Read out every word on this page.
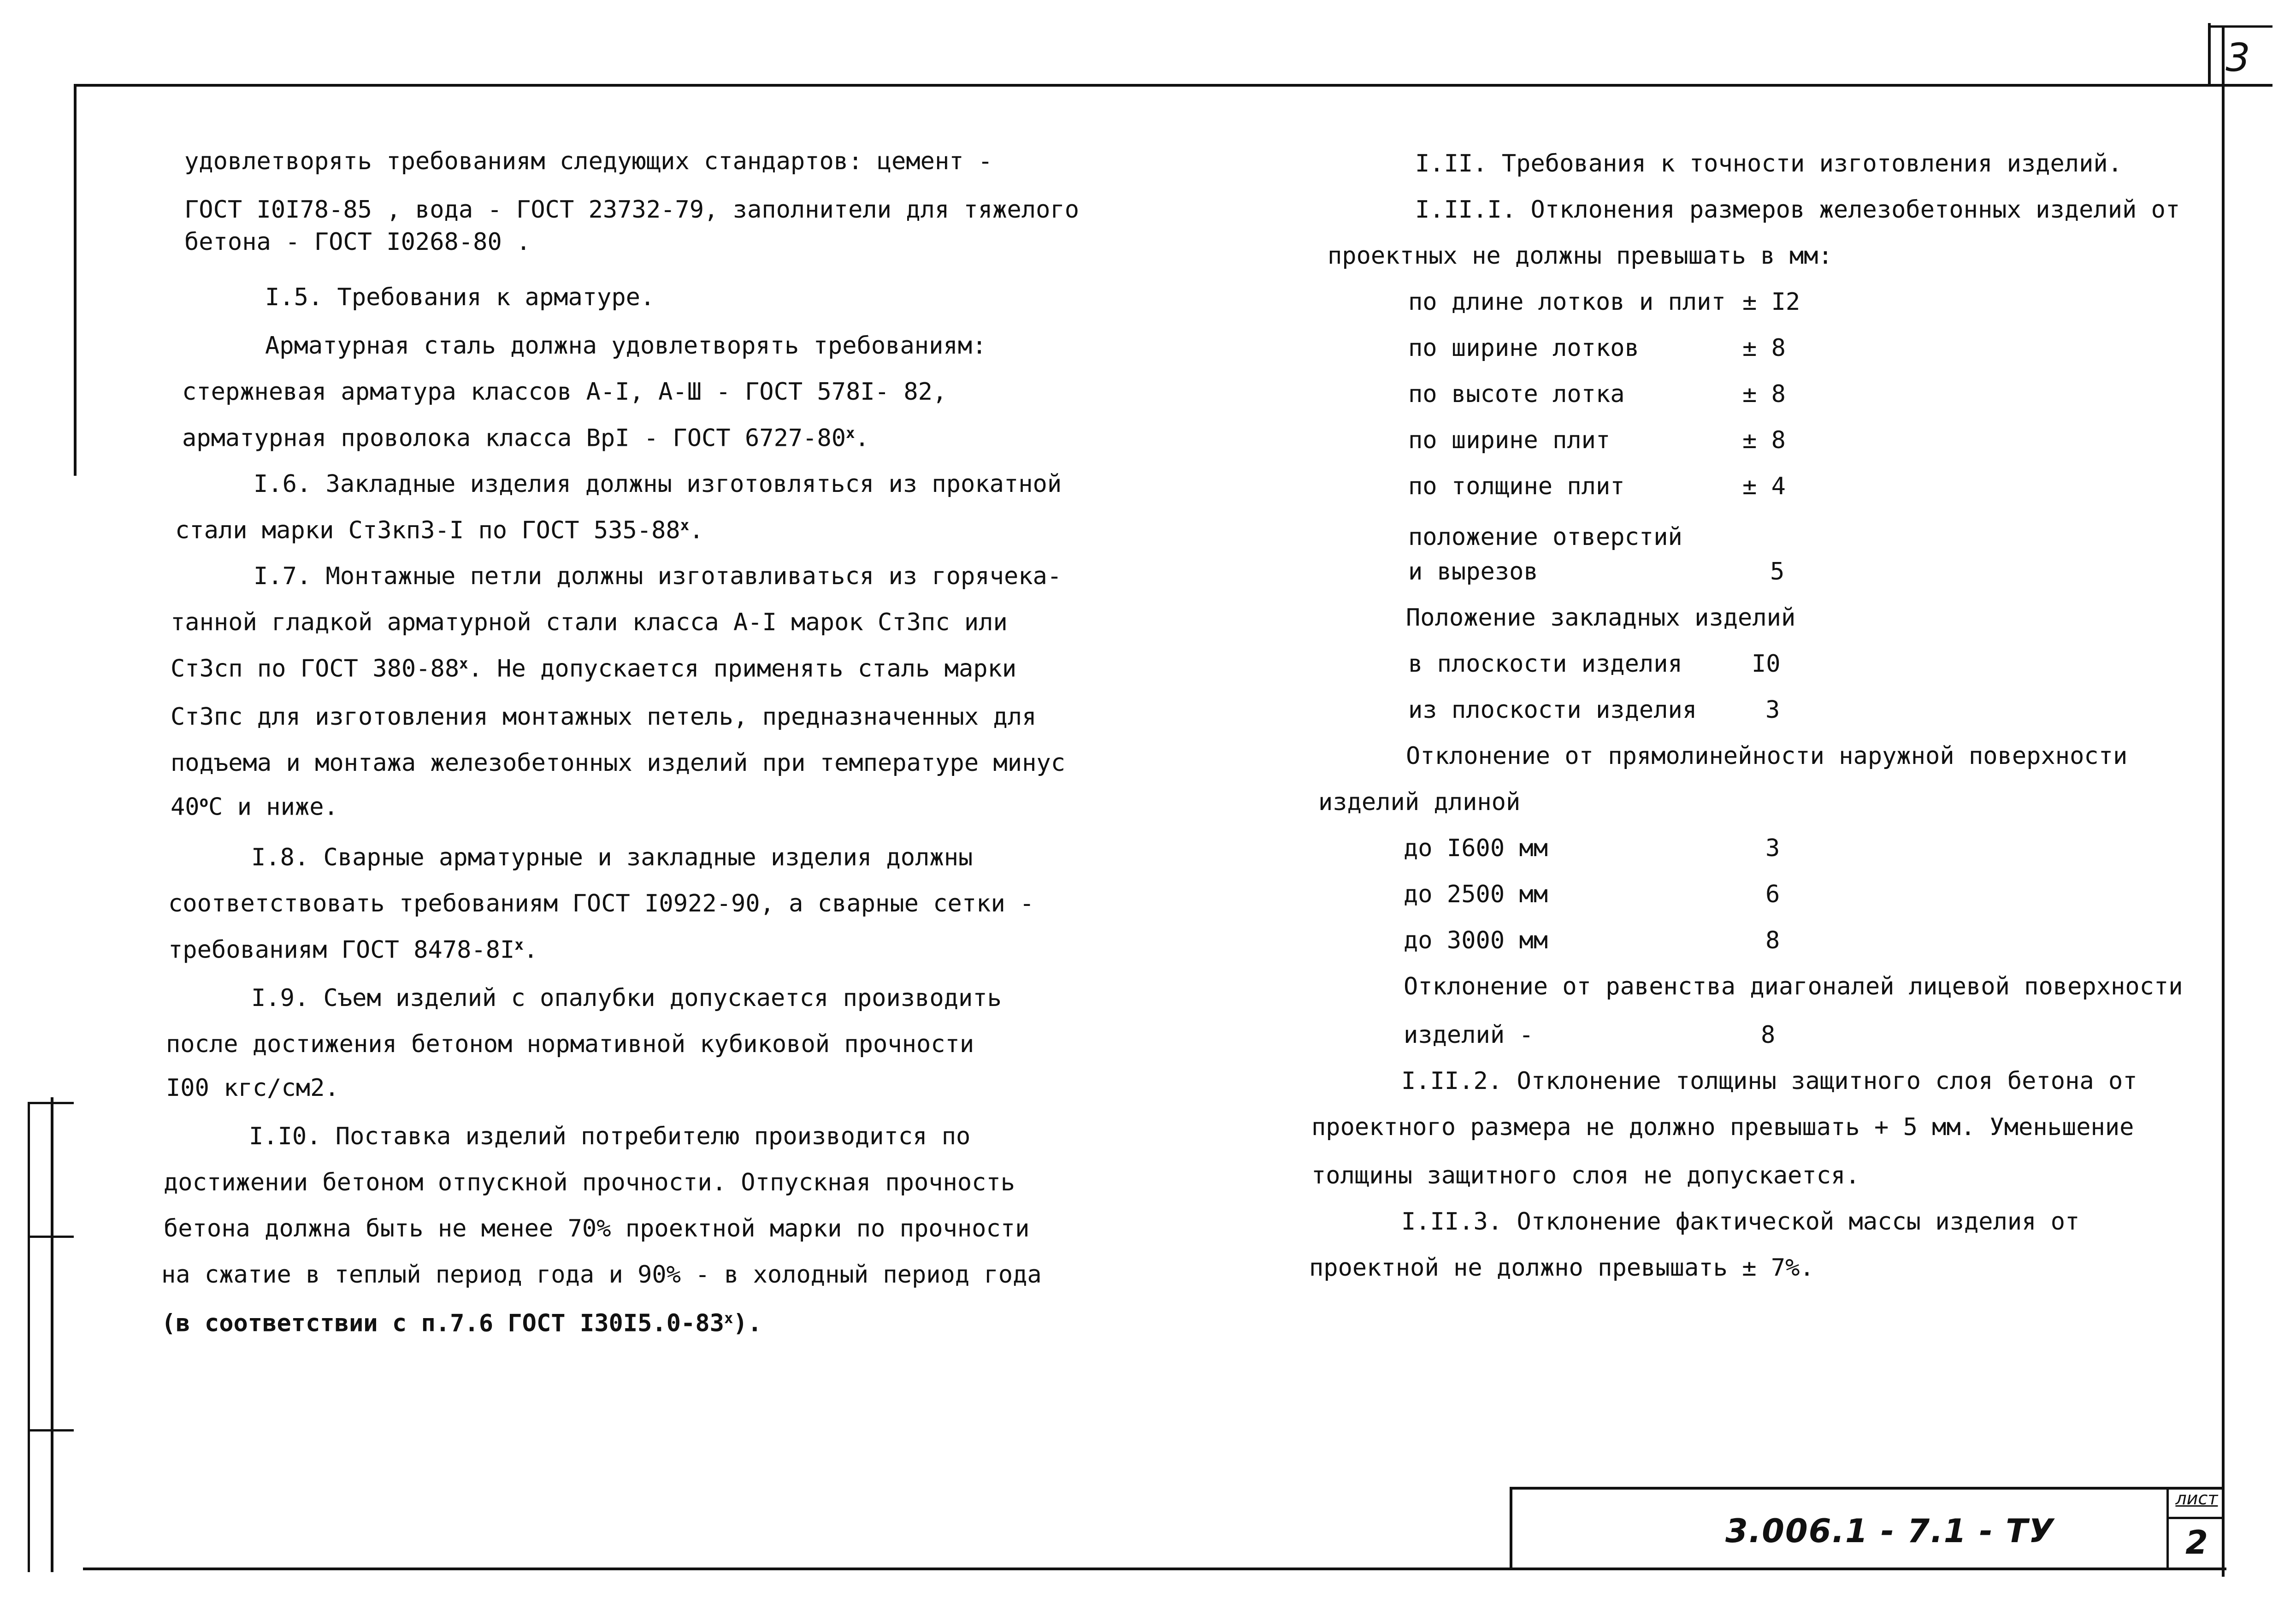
3
3.006.1 - 7.1 - ТУ
лист
2
удовлетворять требованиям следующих стандартов: цемент -
ГОСТ I0I78-85 , вода - ГОСТ 23732-79, заполнители для тяжелого
бетона - ГОСТ I0268-80 .
I.5. Требования к арматуре.
Арматурная сталь должна удовлетворять требованиям:
стержневая арматура классов А-I, А-Ш - ГОСТ 578I- 82,
арматурная проволока класса ВрI - ГОСТ $6727-80^х$.
I.6. Закладные изделия должны изготовляться из прокатной
стали марки Ст3кп3-I по ГОСТ $535-88^х$.
I.7. Монтажные петли должны изготавливаться из горячека-
танной гладкой арматурной стали класса А-I марок Ст3пс или
Ст3сп по ГОСТ $380-88^х$. Не допускается применять сталь марки
Ст3пс для изготовления монтажных петель, предназначенных для
подъема и монтажа железобетонных изделий при температуре минус
$40^оС$ и ниже.
I.8. Сварные арматурные и закладные изделия должны
соответствовать требованиям ГОСТ I0922-90, а сварные сетки -
требованиям ГОСТ $8478-8I^х$.
I.9. Съем изделий с опалубки допускается производить
после достижения бетоном нормативной кубиковой прочности
I00 кгс/см2.
I.I0. Поставка изделий потребителю производится по
достижении бетоном отпускной прочности. Отпускная прочность
бетона должна быть не менее 70% проектной марки по прочности
на сжатие в теплый период года и 90% - в холодный период года
(в соответствии с п.7.6 ГОСТ $I30I5.0-83^х$).
I.II. Требования к точности изготовления изделий.
I.II.I. Отклонения размеров железобетонных изделий от
проектных не должны превышать в мм:
по длине лотков и плит ± I2
по ширине лотков	± 8
по высоте лотка	± 8
по ширине плит	± 8
по толщине плит	± 4
положение отверстий
и вырезов	5
Положение закладных изделий
в плоскости изделия	I0
из плоскости изделия	3
Отклонение от прямолинейности наружной поверхности
изделий длиной
до I600 мм	3
до 2500 мм	6
до 3000 мм	8
Отклонение от равенства диагоналей лицевой поверхности
изделий -	8
I.II.2. Отклонение толщины защитного слоя бетона от
проектного размера не должно превышать + 5 мм. Уменьшение
толщины защитного слоя не допускается.
I.II.3. Отклонение фактической массы изделия от
проектной не должно превышать ± 7%.
